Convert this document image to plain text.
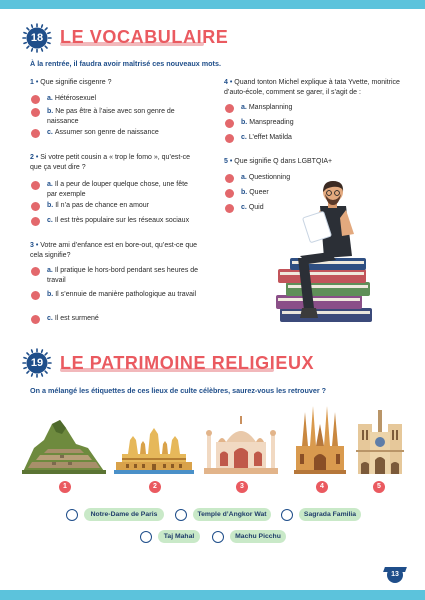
18 LE VOCABULAIRE
À la rentrée, il faudra avoir maîtrisé ces nouveaux mots.
1 • Que signifie cisgenre ?
a. Hétérosexuel
b. Ne pas être à l’aise avec son genre de naissance
c. Assumer son genre de naissance
2 • Si votre petit cousin a « trop le fomo », qu’est-ce que ça veut dire ?
a. Il a peur de louper quelque chose, une fête par exemple
b. Il n’a pas de chance en amour
c. Il est très populaire sur les réseaux sociaux
3 • Votre ami d’enfance est en bore-out, qu’est-ce que cela signifie?
a. Il pratique le hors-bord pendant ses heures de travail
b. Il s’ennuie de manière pathologique au travail
c. Il est surmené
4 • Quand tonton Michel explique à tata Yvette, monitrice d’auto-école, comment se garer, il s’agit de :
a. Mansplanning
b. Manspreading
c. L’effet Matilda
5 • Que signifie Q dans LGBTQIA+
a. Questionning
b. Queer
c. Quid
19 LE PATRIMOINE RELIGIEUX
On a mélangé les étiquettes de ces lieux de culte célèbres, saurez-vous les retrouver ?
1	2	3	4	5
Notre-Dame de Paris	Temple d’Angkor Wat	Sagrada Familia
Taj Mahal	Machu Picchu
13
